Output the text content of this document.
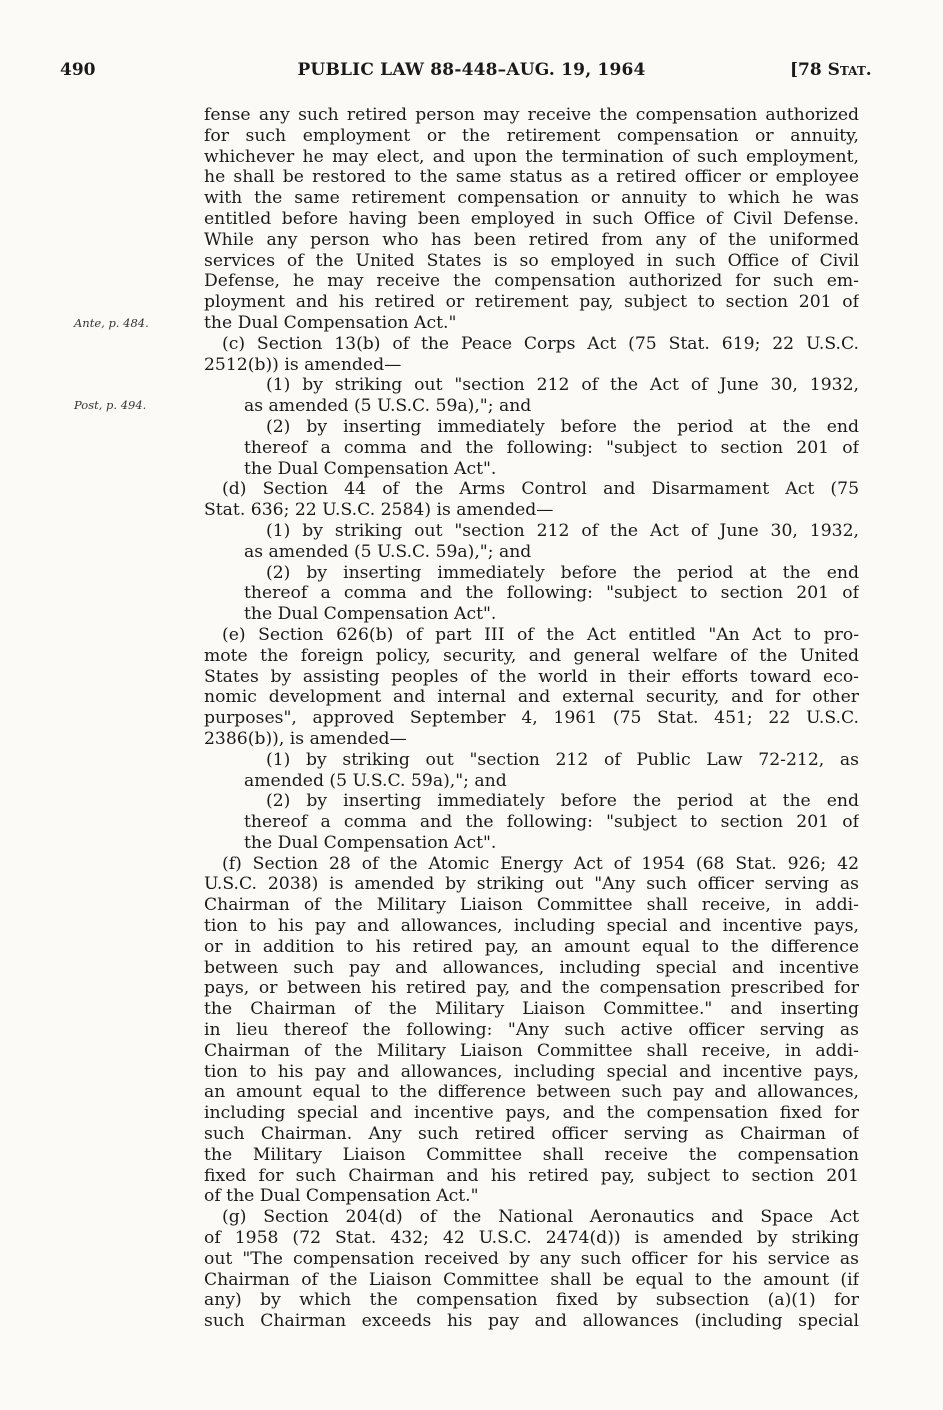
490	PUBLIC LAW 88-448–AUG. 19, 1964	[78 Stat.
Ante, p. 484.
Post, p. 494.
fense any such retired person may receive the compensation authorized
for such employment or the retirement compensation or annuity,
whichever he may elect, and upon the termination of such employment,
he shall be restored to the same status as a retired officer or employee
with the same retirement compensation or annuity to which he was
entitled before having been employed in such Office of Civil Defense.
While any person who has been retired from any of the uniformed
services of the United States is so employed in such Office of Civil
Defense, he may receive the compensation authorized for such em-
ployment and his retired or retirement pay, subject to section 201 of
the Dual Compensation Act."
(c) Section 13(b) of the Peace Corps Act (75 Stat. 619; 22 U.S.C.
2512(b)) is amended—
(1) by striking out "section 212 of the Act of June 30, 1932,
as amended (5 U.S.C. 59a),"; and
(2) by inserting immediately before the period at the end
thereof a comma and the following: "subject to section 201 of
the Dual Compensation Act".
(d) Section 44 of the Arms Control and Disarmament Act (75
Stat. 636; 22 U.S.C. 2584) is amended—
(1) by striking out "section 212 of the Act of June 30, 1932,
as amended (5 U.S.C. 59a),"; and
(2) by inserting immediately before the period at the end
thereof a comma and the following: "subject to section 201 of
the Dual Compensation Act".
(e) Section 626(b) of part III of the Act entitled "An Act to pro-
mote the foreign policy, security, and general welfare of the United
States by assisting peoples of the world in their efforts toward eco-
nomic development and internal and external security, and for other
purposes", approved September 4, 1961 (75 Stat. 451; 22 U.S.C.
2386(b)), is amended—
(1) by striking out "section 212 of Public Law 72-212, as
amended (5 U.S.C. 59a),"; and
(2) by inserting immediately before the period at the end
thereof a comma and the following: "subject to section 201 of
the Dual Compensation Act".
(f) Section 28 of the Atomic Energy Act of 1954 (68 Stat. 926; 42
U.S.C. 2038) is amended by striking out "Any such officer serving as
Chairman of the Military Liaison Committee shall receive, in addi-
tion to his pay and allowances, including special and incentive pays,
or in addition to his retired pay, an amount equal to the difference
between such pay and allowances, including special and incentive
pays, or between his retired pay, and the compensation prescribed for
the Chairman of the Military Liaison Committee." and inserting
in lieu thereof the following: "Any such active officer serving as
Chairman of the Military Liaison Committee shall receive, in addi-
tion to his pay and allowances, including special and incentive pays,
an amount equal to the difference between such pay and allowances,
including special and incentive pays, and the compensation fixed for
such Chairman. Any such retired officer serving as Chairman of
the Military Liaison Committee shall receive the compensation
fixed for such Chairman and his retired pay, subject to section 201
of the Dual Compensation Act."
(g) Section 204(d) of the National Aeronautics and Space Act
of 1958 (72 Stat. 432; 42 U.S.C. 2474(d)) is amended by striking
out "The compensation received by any such officer for his service as
Chairman of the Liaison Committee shall be equal to the amount (if
any) by which the compensation fixed by subsection (a)(1) for
such Chairman exceeds his pay and allowances (including special
